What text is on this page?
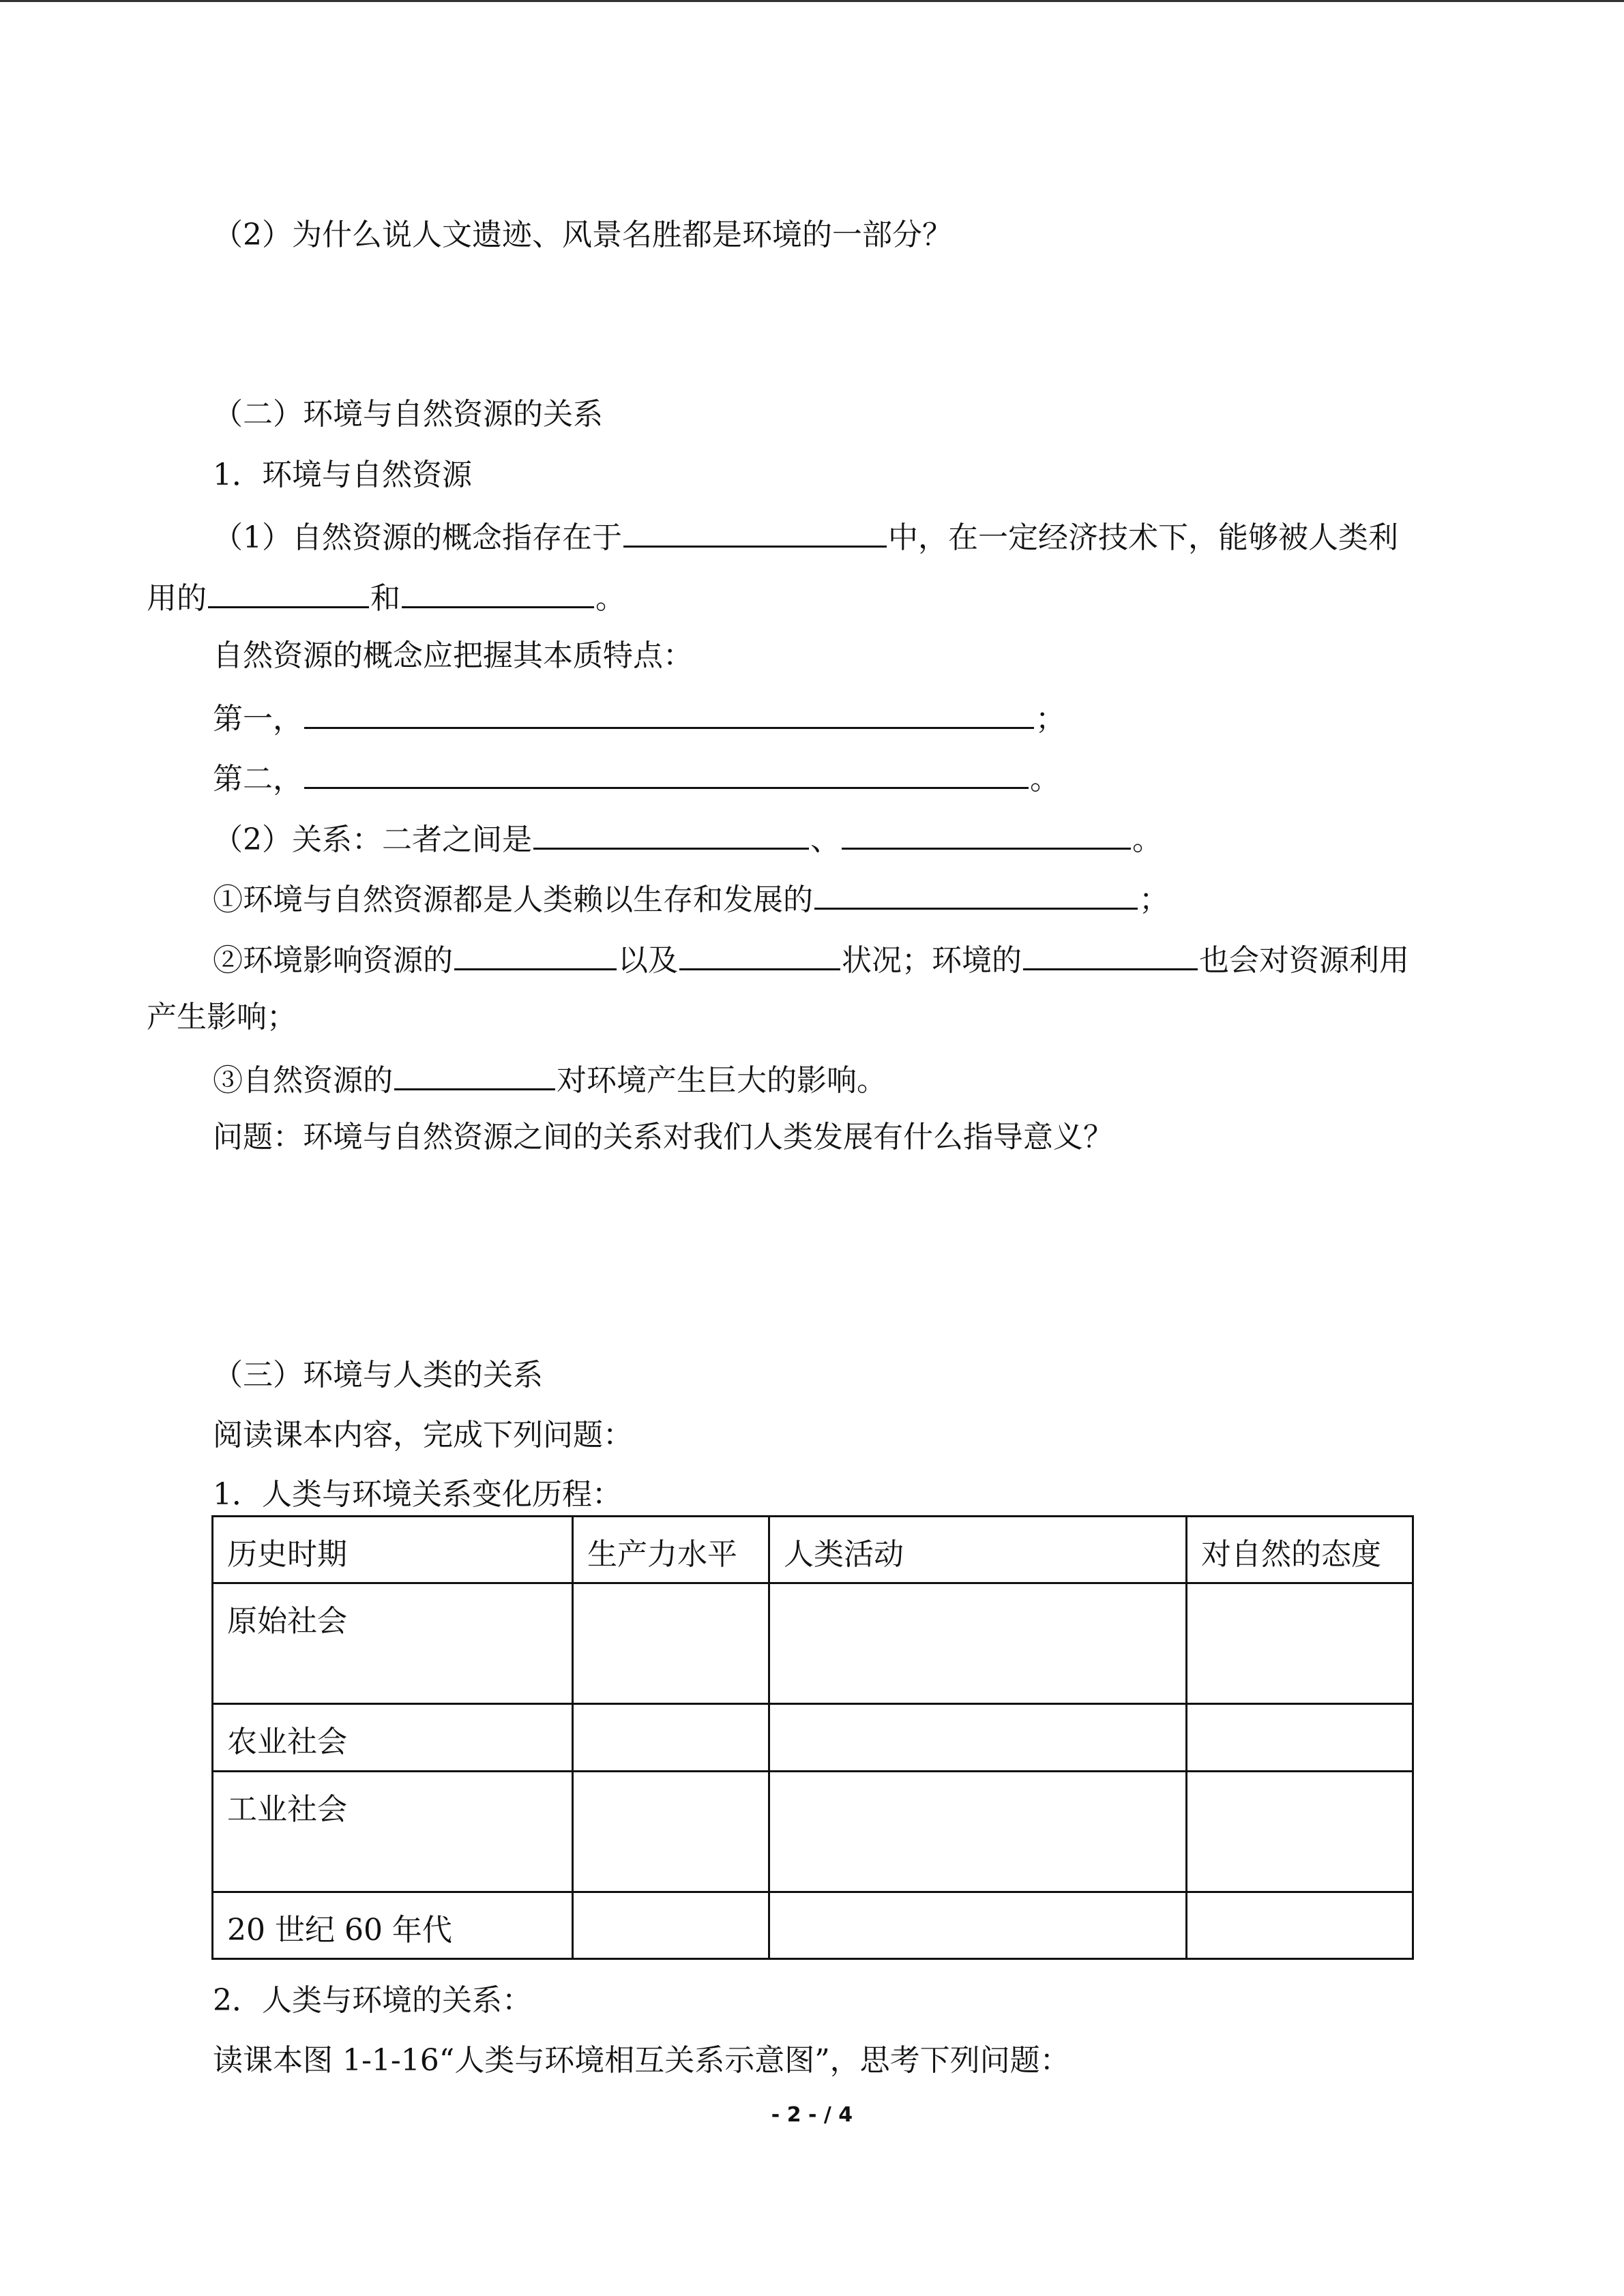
（2）为什么说人文遗迹、风景名胜都是环境的一部分？
（二）环境与自然资源的关系
1．环境与自然资源
（1）自然资源的概念指存在于	中，在一定经济技术下，能够被人类利
用的	和	。
自然资源的概念应把握其本质特点：
第一，	；
第二，	。
（2）关系：二者之间是	、	。
①环境与自然资源都是人类赖以生存和发展的	；
②环境影响资源的	以及	状况；环境的	也会对资源利用
产生影响；
③自然资源的	对环境产生巨大的影响。
问题：环境与自然资源之间的关系对我们人类发展有什么指导意义？
（三）环境与人类的关系
阅读课本内容，完成下列问题：
1．人类与环境关系变化历程：
历史时期	生产力水平	人类活动	对自然的态度
原始社会			
农业社会			
工业社会			
20 世纪 60 年代			
2．人类与环境的关系：
读课本图 1-1-16“人类与环境相互关系示意图”，思考下列问题：
- 2 - / 4
